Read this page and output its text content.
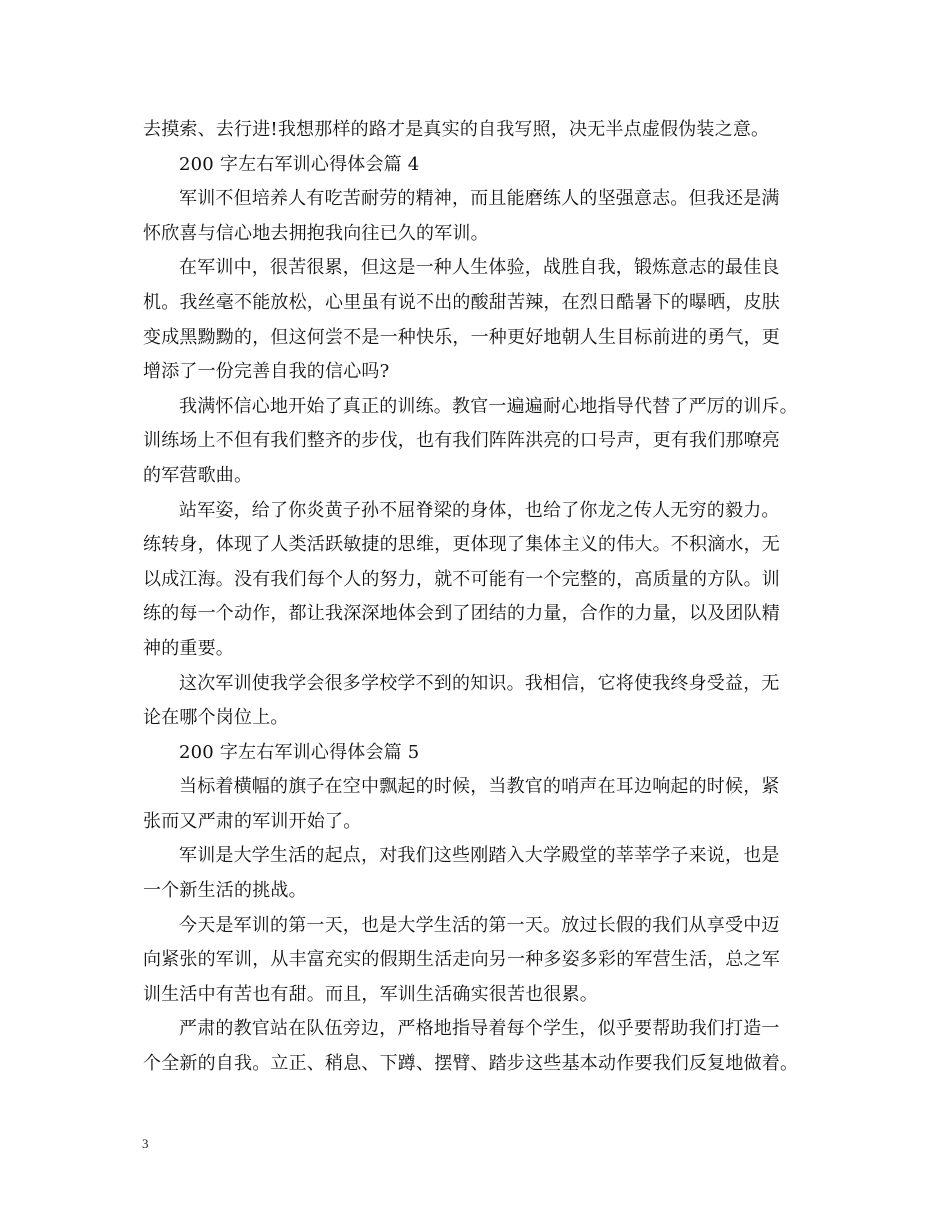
去摸索、去行进!我想那样的路才是真实的自我写照，决无半点虚假伪装之意。
200 字左右军训心得体会篇 4
军训不但培养人有吃苦耐劳的精神，而且能磨练人的坚强意志。但我还是满
怀欣喜与信心地去拥抱我向往已久的军训。
在军训中，很苦很累，但这是一种人生体验，战胜自我，锻炼意志的最佳良
机。我丝毫不能放松，心里虽有说不出的酸甜苦辣，在烈日酷暑下的曝晒，皮肤
变成黑黝黝的，但这何尝不是一种快乐，一种更好地朝人生目标前进的勇气，更
增添了一份完善自我的信心吗?
我满怀信心地开始了真正的训练。教官一遍遍耐心地指导代替了严厉的训斥。
训练场上不但有我们整齐的步伐，也有我们阵阵洪亮的口号声，更有我们那嘹亮
的军营歌曲。
站军姿，给了你炎黄子孙不屈脊梁的身体，也给了你龙之传人无穷的毅力。
练转身，体现了人类活跃敏捷的思维，更体现了集体主义的伟大。不积滴水，无
以成江海。没有我们每个人的努力，就不可能有一个完整的，高质量的方队。训
练的每一个动作，都让我深深地体会到了团结的力量，合作的力量，以及团队精
神的重要。
这次军训使我学会很多学校学不到的知识。我相信，它将使我终身受益，无
论在哪个岗位上。
200 字左右军训心得体会篇 5
当标着横幅的旗子在空中飘起的时候，当教官的哨声在耳边响起的时候，紧
张而又严肃的军训开始了。
军训是大学生活的起点，对我们这些刚踏入大学殿堂的莘莘学子来说，也是
一个新生活的挑战。
今天是军训的第一天，也是大学生活的第一天。放过长假的我们从享受中迈
向紧张的军训，从丰富充实的假期生活走向另一种多姿多彩的军营生活，总之军
训生活中有苦也有甜。而且，军训生活确实很苦也很累。
严肃的教官站在队伍旁边，严格地指导着每个学生，似乎要帮助我们打造一
个全新的自我。立正、稍息、下蹲、摆臂、踏步这些基本动作要我们反复地做着。
3
